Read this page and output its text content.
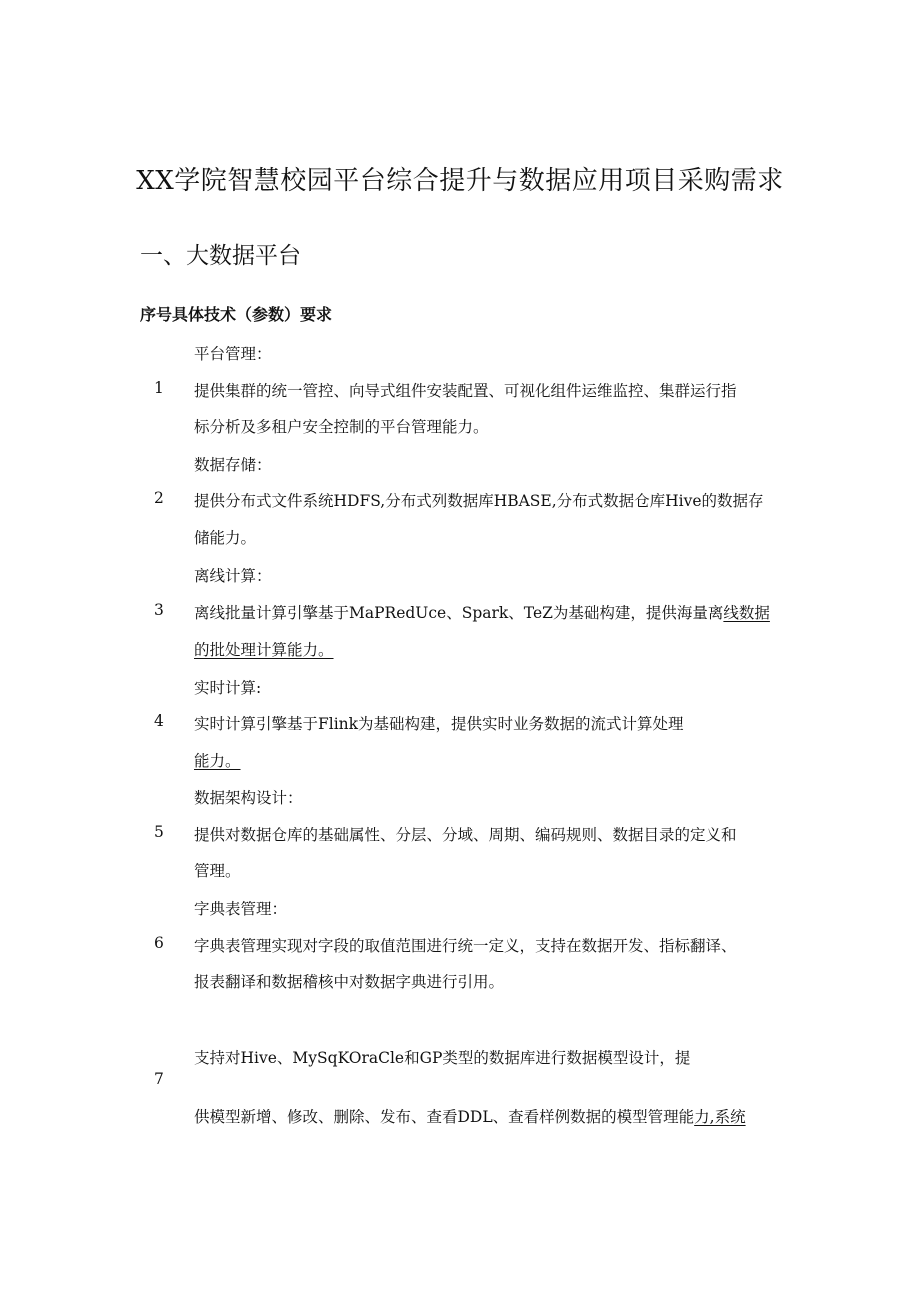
XX学院智慧校园平台综合提升与数据应用项目采购需求
一、大数据平台
序号具体技术（参数）要求
平台管理：
1 提供集群的统一管控、向导式组件安装配置、可视化组件运维监控、集群运行指
标分析及多租户安全控制的平台管理能力。
数据存储：
2 提供分布式文件系统HDFS,分布式列数据库HBASE,分布式数据仓库Hive的数据存
储能力。
离线计算：
3 离线批量计算引擎基于MaPRedUce、Spark、TeZ为基础构建，提供海量离线数据
的批处理计算能力。
实时计算:
4 实时计算引擎基于Flink为基础构建，提供实时业务数据的流式计算处理
能力。
数据架构设计：
5 提供对数据仓库的基础属性、分层、分域、周期、编码规则、数据目录的定义和
管理。
字典表管理：
6 字典表管理实现对字段的取值范围进行统一定义，支持在数据开发、指标翻译、
报表翻译和数据稽核中对数据字典进行引用。
支持对Hive、MySqKOraCle和GP类型的数据库进行数据模型设计，提
7
供模型新增、修改、删除、发布、查看DDL、查看样例数据的模型管理能力,系统
